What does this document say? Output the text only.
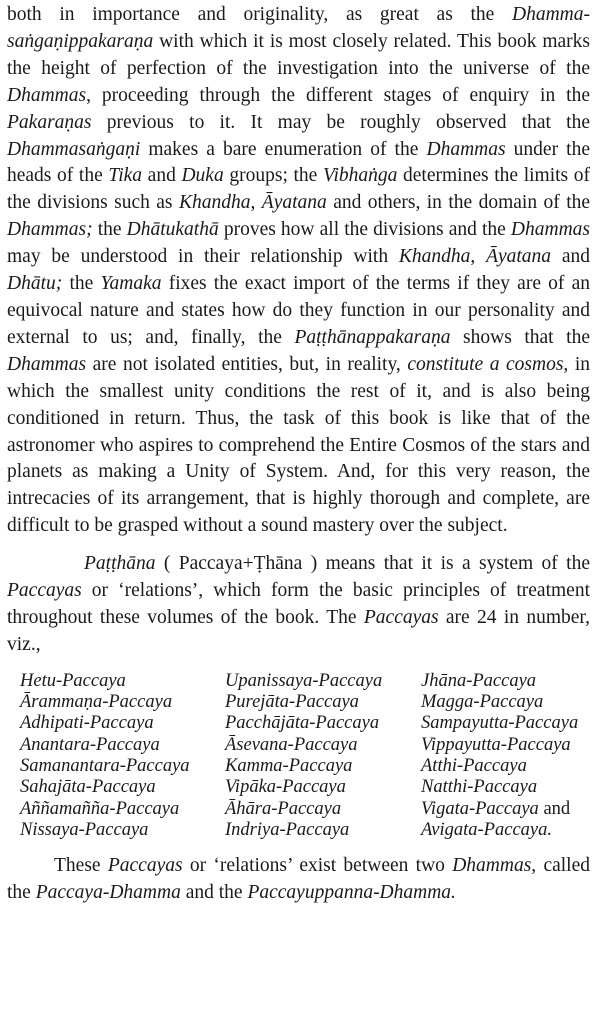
both in importance and originality, as great as the Dhamma-saṅgaṇippakaraṇa with which it is most closely related. This book marks the height of perfection of the investigation into the universe of the Dhammas, proceeding through the different stages of enquiry in the Pakaraṇas previous to it. It may be roughly observed that the Dhammasaṅgaṇi makes a bare enumeration of the Dhammas under the heads of the Tika and Duka groups; the Vibhaṅga determines the limits of the divisions such as Khandha, Āyatana and others, in the domain of the Dhammas; the Dhātukathā proves how all the divisions and the Dhammas may be understood in their relationship with Khandha, Āyatana and Dhātu; the Yamaka fixes the exact import of the terms if they are of an equivocal nature and states how do they function in our personality and external to us; and, finally, the Paṭṭhānappakaraṇa shows that the Dhammas are not isolated entities, but, in reality, constitute a cosmos, in which the smallest unity conditions the rest of it, and is also being conditioned in return. Thus, the task of this book is like that of the astronomer who aspires to comprehend the Entire Cosmos of the stars and planets as making a Unity of System. And, for this very reason, the intrecacies of its arrangement, that is highly thorough and complete, are difficult to be grasped without a sound mastery over the subject.

Paṭṭhāna ( Paccaya+Ṭhāna ) means that it is a system of the Paccayas or ‘relations’, which form the basic principles of treatment throughout these volumes of the book. The Paccayas are 24 in number, viz.,

Hetu-Paccaya	Upanissaya-Paccaya	Jhāna-Paccaya
Ārammaṇa-Paccaya	Purejāta-Paccaya	Magga-Paccaya
Adhipati-Paccaya	Pacchājāta-Paccaya	Sampayutta-Paccaya
Anantara-Paccaya	Āsevana-Paccaya	Vippayutta-Paccaya
Samanantara-Paccaya	Kamma-Paccaya	Atthi-Paccaya
Sahajāta-Paccaya	Vipāka-Paccaya	Natthi-Paccaya
Aññamañña-Paccaya	Āhāra-Paccaya	Vigata-Paccaya and
Nissaya-Paccaya	Indriya-Paccaya	Avigata-Paccaya.

These Paccayas or ‘relations’ exist between two Dhammas, called the Paccaya-Dhamma and the Paccayuppanna-Dhamma.
